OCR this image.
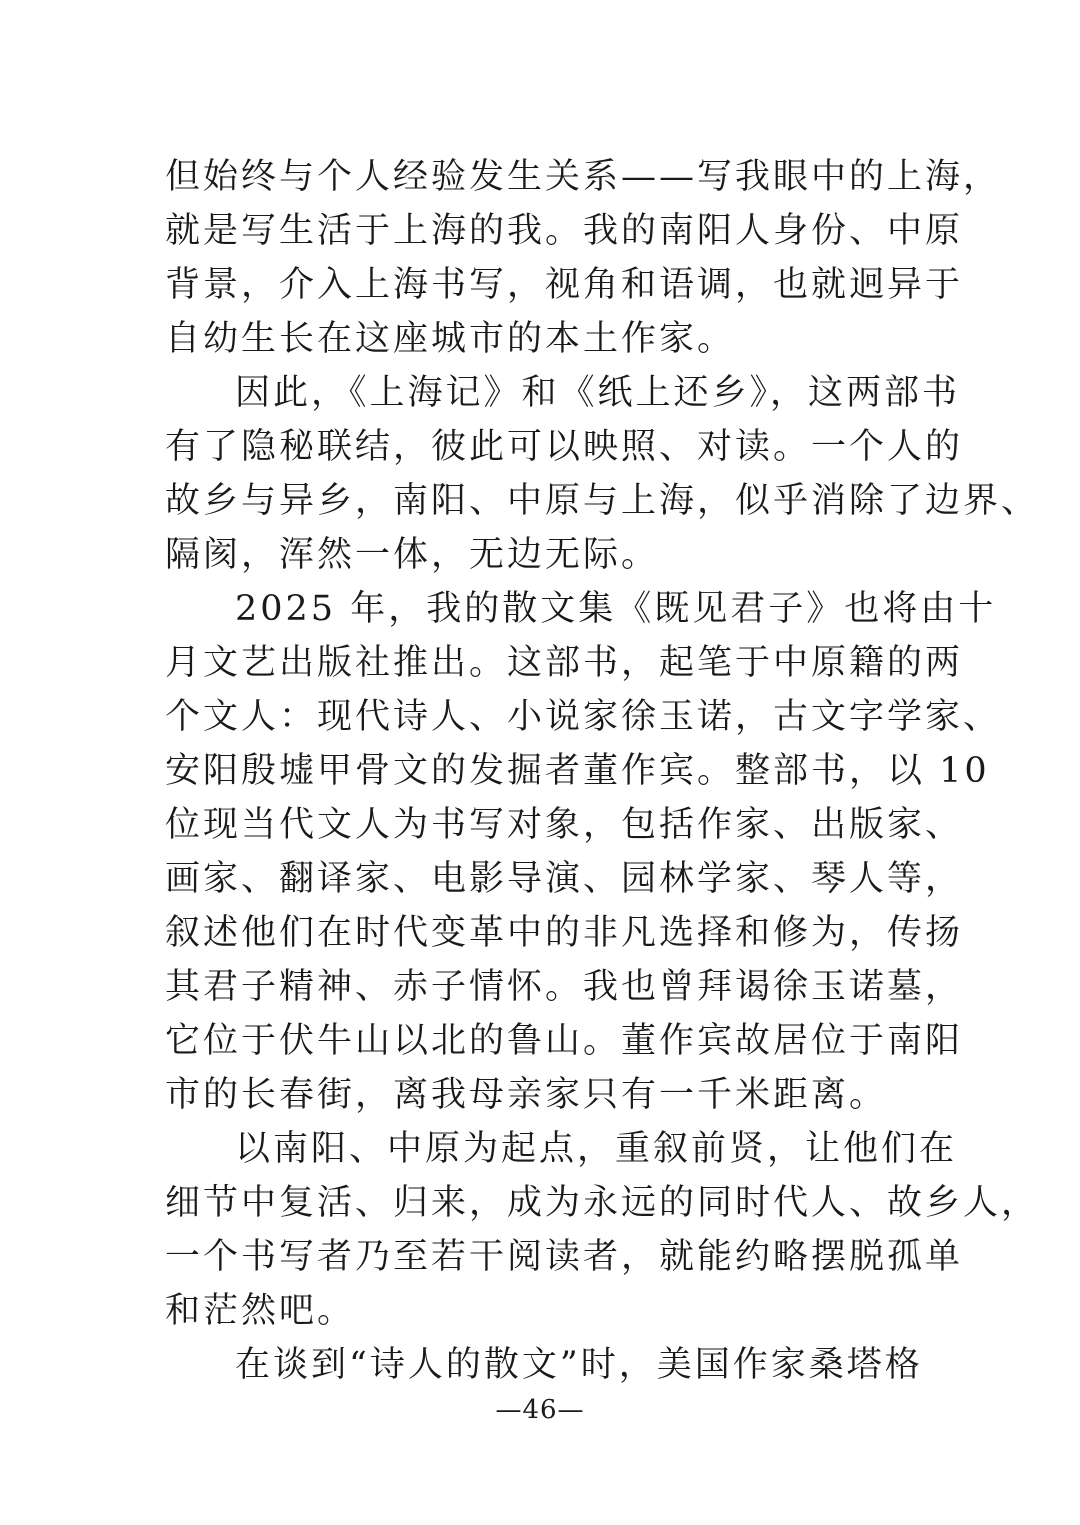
但始终与个人经验发生关系——写我眼中的上海，
就是写生活于上海的我。我的南阳人身份、中原
背景，介入上海书写，视角和语调，也就迥异于
自幼生长在这座城市的本土作家。
因此，《上海记》和《纸上还乡》，这两部书
有了隐秘联结，彼此可以映照、对读。一个人的
故乡与异乡，南阳、中原与上海，似乎消除了边界、
隔阂，浑然一体，无边无际。
2025 年，我的散文集《既见君子》也将由十
月文艺出版社推出。这部书，起笔于中原籍的两
个文人：现代诗人、小说家徐玉诺，古文字学家、
安阳殷墟甲骨文的发掘者董作宾。整部书，以 10
位现当代文人为书写对象，包括作家、出版家、
画家、翻译家、电影导演、园林学家、琴人等，
叙述他们在时代变革中的非凡选择和修为，传扬
其君子精神、赤子情怀。我也曾拜谒徐玉诺墓，
它位于伏牛山以北的鲁山。董作宾故居位于南阳
市的长春街，离我母亲家只有一千米距离。
以南阳、中原为起点，重叙前贤，让他们在
细节中复活、归来，成为永远的同时代人、故乡人，
一个书写者乃至若干阅读者，就能约略摆脱孤单
和茫然吧。
在谈到“诗人的散文”时，美国作家桑塔格
—46—
